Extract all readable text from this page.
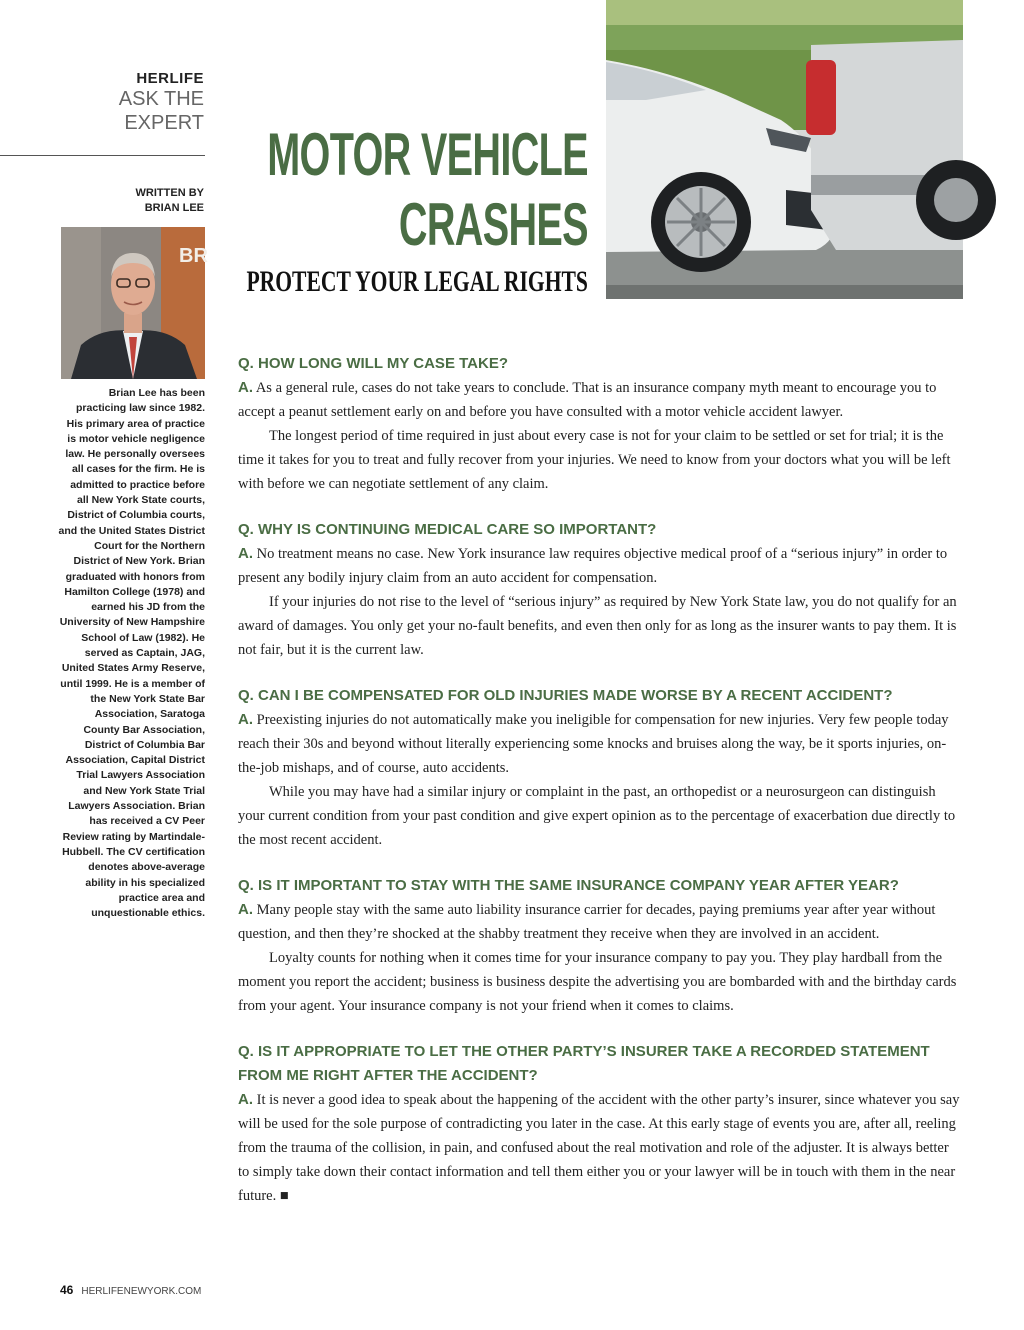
HERLIFE
ASK THE
EXPERT
WRITTEN BY
BRIAN LEE
BR
Brian Lee has been practicing law since 1982. His primary area of practice is motor vehicle negligence law. He personally oversees all cases for the firm. He is admitted to practice before all New York State courts, District of Columbia courts, and the United States District Court for the Northern District of New York. Brian graduated with honors from Hamilton College (1978) and earned his JD from the University of New Hampshire School of Law (1982). He served as Captain, JAG, United States Army Reserve, until 1999. He is a member of the New York State Bar Association, Saratoga County Bar Association, District of Columbia Bar Association, Capital District Trial Lawyers Association and New York State Trial Lawyers Association. Brian has received a CV Peer Review rating by Martindale-Hubbell. The CV certification denotes above-average ability in his specialized practice area and unquestionable ethics.
MOTOR VEHICLE
CRASHES
PROTECT YOUR LEGAL RIGHTS
Q. HOW LONG WILL MY CASE TAKE?

A. As a general rule, cases do not take years to conclude. That is an insurance company myth meant to encourage you to accept a peanut settlement early on and before you have consulted with a motor vehicle accident lawyer.

The longest period of time required in just about every case is not for your claim to be settled or set for trial; it is the time it takes for you to treat and fully recover from your injuries. We need to know from your doctors what you will be left with before we can negotiate settlement of any claim.

Q. WHY IS CONTINUING MEDICAL CARE SO IMPORTANT?

A. No treatment means no case. New York insurance law requires objective medical proof of a “serious injury” in order to present any bodily injury claim from an auto accident for compensation.

If your injuries do not rise to the level of “serious injury” as required by New York State law, you do not qualify for an award of damages. You only get your no-fault benefits, and even then only for as long as the insurer wants to pay them. It is not fair, but it is the current law.

Q. CAN I BE COMPENSATED FOR OLD INJURIES MADE WORSE BY A RECENT ACCIDENT?

A. Preexisting injuries do not automatically make you ineligible for compensation for new injuries. Very few people today reach their 30s and beyond without literally experiencing some knocks and bruises along the way, be it sports injuries, on-the-job mishaps, and of course, auto accidents.

While you may have had a similar injury or complaint in the past, an orthopedist or a neurosurgeon can distinguish your current condition from your past condition and give expert opinion as to the percentage of exacerbation due directly to the most recent accident.

Q. IS IT IMPORTANT TO STAY WITH THE SAME INSURANCE COMPANY YEAR AFTER YEAR?

A. Many people stay with the same auto liability insurance carrier for decades, paying premiums year after year without question, and then they’re shocked at the shabby treatment they receive when they are involved in an accident.

Loyalty counts for nothing when it comes time for your insurance company to pay you. They play hardball from the moment you report the accident; business is business despite the advertising you are bombarded with and the birthday cards from your agent. Your insurance company is not your friend when it comes to claims.

Q. IS IT APPROPRIATE TO LET THE OTHER PARTY’S INSURER TAKE A RECORDED STATEMENT FROM ME RIGHT AFTER THE ACCIDENT?

A. It is never a good idea to speak about the happening of the accident with the other party’s insurer, since whatever you say will be used for the sole purpose of contradicting you later in the case. At this early stage of events you are, after all, reeling from the trauma of the collision, in pain, and confused about the real motivation and role of the adjuster. It is always better to simply take down their contact information and tell them either you or your lawyer will be in touch with them in the near future. ■

46 HERLIFENEWYORK.COM
